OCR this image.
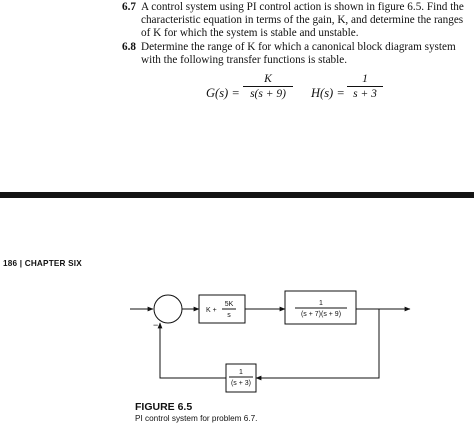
6.7 A control system using PI control action is shown in figure 6.5. Find the characteristic equation in terms of the gain, K, and determine the ranges of K for which the system is stable and unstable.
6.8 Determine the range of K for which a canonical block diagram system with the following transfer functions is stable.
G(s) =
K
s(s + 9)	H(s) =
1
s + 3
186 | CHAPTER SIX
−
K +
5K
s
1
(s + 7)(s + 9)
1
(s + 3)
FIGURE 6.5
PI control system for problem 6.7.
